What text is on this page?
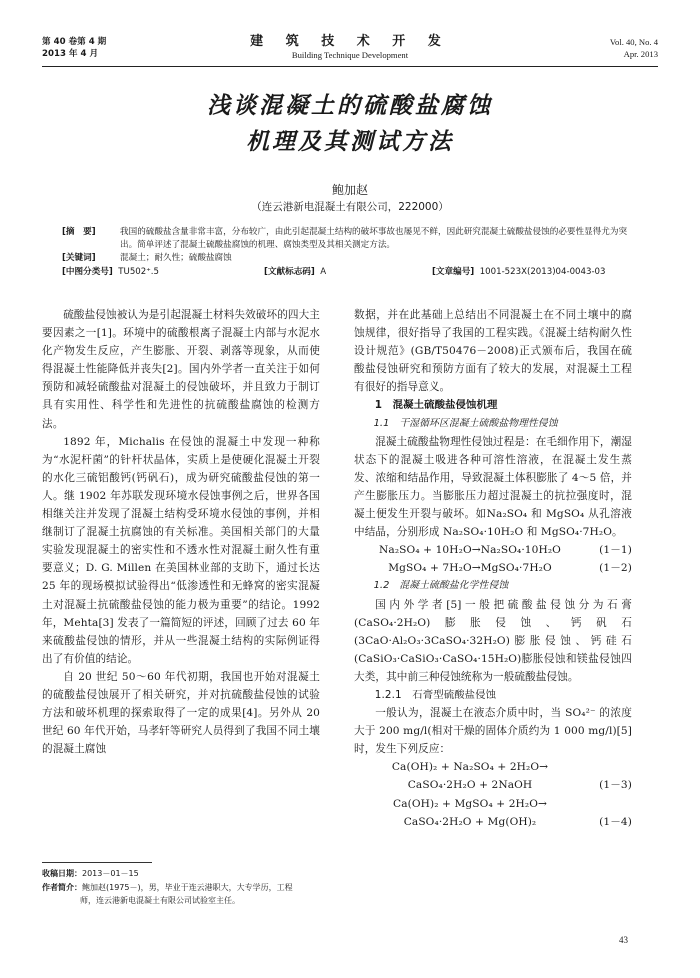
第 40 卷第 4 期
2013 年 4 月
建 筑 技 术 开 发
Building Technique Development
Vol. 40, No. 4
Apr. 2013
浅谈混凝土的硫酸盐腐蚀
机理及其测试方法
鲍加赵
（连云港新电混凝土有限公司，222000）
[摘　要]	我国的硫酸盐含量非常丰富，分布较广，由此引起混凝土结构的破坏事故也屡见不鲜，因此研究混凝土硫酸盐侵蚀的必要性显得尤为突出。简单评述了混凝土硫酸盐腐蚀的机理、腐蚀类型及其相关测定方法。
[关键词]	混凝土；耐久性；硫酸盐腐蚀
[中图分类号] TU502⁺.5	[文献标志码] A	[文章编号] 1001-523X(2013)04-0043-03

硫酸盐侵蚀被认为是引起混凝土材料失效破坏的四大主要因素之一[1]。环境中的硫酸根离子混凝土内部与水泥水化产物发生反应，产生膨胀、开裂、剥落等现象，从而使得混凝土性能降低并丧失[2]。国内外学者一直关注于如何预防和减轻硫酸盐对混凝土的侵蚀破坏，并且致力于制订具有实用性、科学性和先进性的抗硫酸盐腐蚀的检测方法。

1892 年，Michalis 在侵蚀的混凝土中发现一种称为“水泥杆菌”的针杆状晶体，实质上是使硬化混凝土开裂的水化三硫铝酸钙(钙矾石)，成为研究硫酸盐侵蚀的第一人。继 1902 年苏联发现环境水侵蚀事例之后，世界各国相继关注并发现了混凝土结构受环境水侵蚀的事例，并相继制订了混凝土抗腐蚀的有关标准。美国相关部门的大量实验发现混凝土的密实性和不透水性对混凝土耐久性有重要意义；D. G. Millen 在美国林业部的支助下，通过长达 25 年的现场模拟试验得出“低渗透性和无蜂窝的密实混凝土对混凝土抗硫酸盐侵蚀的能力极为重要”的结论。1992 年，Mehta[3] 发表了一篇简短的评述，回顾了过去 60 年来硫酸盐侵蚀的情形，并从一些混凝土结构的实际例证得出了有价值的结论。

自 20 世纪 50～60 年代初期，我国也开始对混凝土的硫酸盐侵蚀展开了相关研究，并对抗硫酸盐侵蚀的试验方法和破坏机理的探索取得了一定的成果[4]。另外从 20 世纪 60 年代开始，马孝轩等研究人员得到了我国不同土壤的混凝土腐蚀

数据，并在此基础上总结出不同混凝土在不同土壤中的腐蚀规律，很好指导了我国的工程实践。《混凝土结构耐久性设计规范》(GB/T50476－2008)正式颁布后，我国在硫酸盐侵蚀研究和预防方面有了较大的发展，对混凝土工程有很好的指导意义。

1　混凝土硫酸盐侵蚀机理

1.1　干湿循环区混凝土硫酸盐物理性侵蚀

混凝土硫酸盐物理性侵蚀过程是：在毛细作用下，潮湿状态下的混凝土吸进各种可溶性溶液，在混凝土发生蒸发、浓缩和结晶作用，导致混凝土体积膨胀了 4～5 倍，并产生膨胀压力。当膨胀压力超过混凝土的抗拉强度时，混凝土便发生开裂与破坏。如Na₂SO₄ 和 MgSO₄ 从孔溶液中结晶，分别形成 Na₂SO₄·10H₂O 和 MgSO₄·7H₂O。

Na₂SO₄ + 10H₂O→Na₂SO₄·10H₂O	(1－1)
MgSO₄ + 7H₂O→MgSO₄·7H₂O	(1－2)

1.2　混凝土硫酸盐化学性侵蚀

国内外学者[5]一般把硫酸盐侵蚀分为石膏(CaSO₄·2H₂O)膨胀侵蚀、钙矾石(3CaO·Al₂O₃·3CaSO₄·32H₂O)膨胀侵蚀、钙硅石(CaSiO₃·CaSiO₃·CaSO₄·15H₂O)膨胀侵蚀和镁盐侵蚀四大类，其中前三种侵蚀统称为一般硫酸盐侵蚀。

1.2.1　石膏型硫酸盐侵蚀

一般认为，混凝土在液态介质中时，当 SO₄²⁻ 的浓度大于 200 mg/l(相对干燥的固体介质约为 1 000 mg/l)[5]时，发生下列反应：

Ca(OH)₂ + Na₂SO₄ + 2H₂O→
CaSO₄·2H₂O + 2NaOH	(1－3)
Ca(OH)₂ + MgSO₄ + 2H₂O→
CaSO₄·2H₂O + Mg(OH)₂	(1－4)
收稿日期：2013－01－15
作者简介：鲍加赵(1975－)，男，毕业于连云港职大，大专学历，工程
师，连云港新电混凝土有限公司试验室主任。
43
